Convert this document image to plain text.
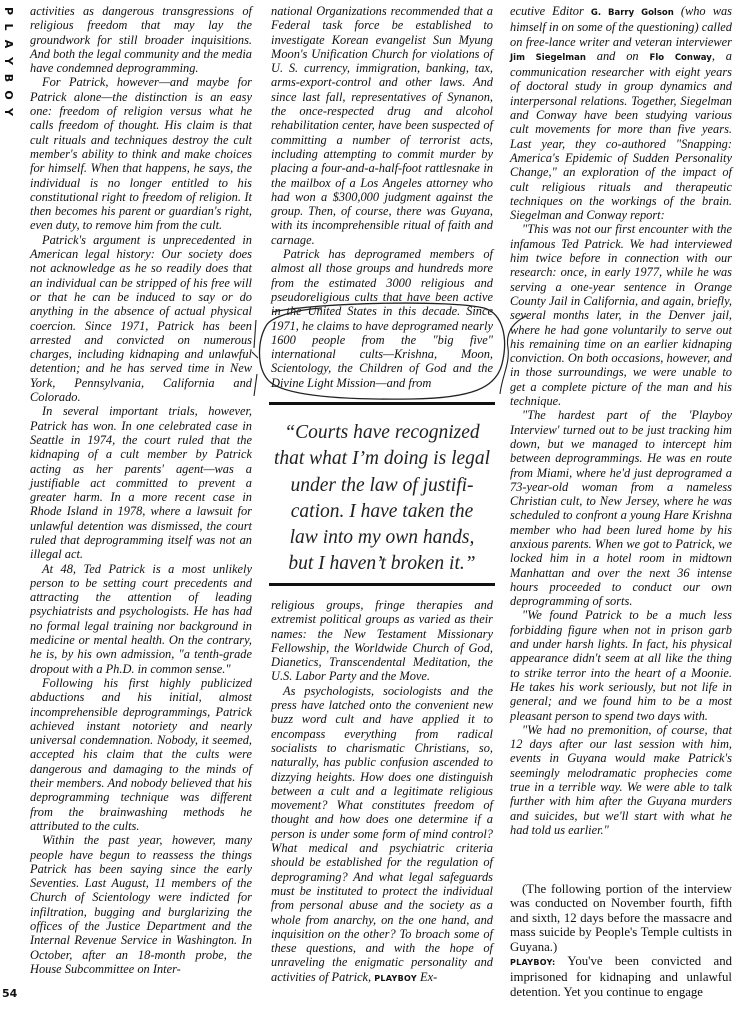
P
L
A
Y
B
O
Y

activities as dangerous transgressions of religious freedom that may lay the groundwork for still broader inquisitions. And both the legal community and the media have condemned deprogramming.

For Patrick, however—and maybe for Patrick alone—the distinction is an easy one: freedom of religion versus what he calls freedom of thought. His claim is that cult rituals and techniques destroy the cult member's ability to think and make choices for himself. When that happens, he says, the individual is no longer entitled to his constitutional right to freedom of religion. It then becomes his parent or guardian's right, even duty, to remove him from the cult.

Patrick's argument is unprecedented in American legal history: Our society does not acknowledge as he so readily does that an individual can be stripped of his free will or that he can be induced to say or do anything in the absence of actual physical coercion. Since 1971, Patrick has been arrested and convicted on numerous charges, including kidnaping and unlawful detention; and he has served time in New York, Pennsylvania, California and Colorado.

In several important trials, however, Patrick has won. In one celebrated case in Seattle in 1974, the court ruled that the kidnaping of a cult member by Patrick acting as her parents' agent—was a justifiable act committed to prevent a greater harm. In a more recent case in Rhode Island in 1978, where a lawsuit for unlawful detention was dismissed, the court ruled that deprogramming itself was not an illegal act.

At 48, Ted Patrick is a most unlikely person to be setting court precedents and attracting the attention of leading psychiatrists and psychologists. He has had no formal legal training nor background in medicine or mental health. On the contrary, he is, by his own admission, "a tenth-grade dropout with a Ph.D. in common sense."

Following his first highly publicized abductions and his initial, almost incomprehensible deprogrammings, Patrick achieved instant notoriety and nearly universal condemnation. Nobody, it seemed, accepted his claim that the cults were dangerous and damaging to the minds of their members. And nobody believed that his deprogramming technique was different from the brainwashing methods he attributed to the cults.

Within the past year, however, many people have begun to reassess the things Patrick has been saying since the early Seventies. Last August, 11 members of the Church of Scientology were indicted for infiltration, bugging and burglarizing the offices of the Justice Department and the Internal Revenue Service in Washington. In October, after an 18-month probe, the House Subcommittee on Inter-

national Organizations recommended that a Federal task force be established to investigate Korean evangelist Sun Myung Moon's Unification Church for violations of U. S. currency, immigration, banking, tax, arms-export-control and other laws. And since last fall, representatives of Synanon, the once-respected drug and alcohol rehabilitation center, have been suspected of committing a number of terrorist acts, including attempting to commit murder by placing a four-and-a-half-foot rattlesnake in the mailbox of a Los Angeles attorney who had won a $300,000 judgment against the group. Then, of course, there was Guyana, with its incomprehensible ritual of faith and carnage.

Patrick has deprogramed members of almost all those groups and hundreds more from the estimated 3000 religious and pseudoreligious cults that have been active in the United States in this decade. Since 1971, he claims to have deprogramed nearly 1600 people from the "big five" international cults—Krishna, Moon, Scientology, the Children of God and the Divine Light Mission—and from

“Courts have recognized
that what I’m doing is legal
under the law of justifi-
cation. I have taken the
law into my own hands,
but I haven’t broken it.”

religious groups, fringe therapies and extremist political groups as varied as their names: the New Testament Missionary Fellowship, the Worldwide Church of God, Dianetics, Transcendental Meditation, the U.S. Labor Party and the Move.

As psychologists, sociologists and the press have latched onto the convenient new buzz word cult and have applied it to encompass everything from radical socialists to charismatic Christians, so, naturally, has public confusion ascended to dizzying heights. How does one distinguish between a cult and a legitimate religious movement? What constitutes freedom of thought and how does one determine if a person is under some form of mind control? What medical and psychiatric criteria should be established for the regulation of deprograming? And what legal safeguards must be instituted to protect the individual from personal abuse and the society as a whole from anarchy, on the one hand, and inquisition on the other? To broach some of these questions, and with the hope of unraveling the enigmatic personality and activities of Patrick, PLAYBOY Ex-

ecutive Editor G. Barry Golson (who was himself in on some of the questioning) called on free-lance writer and veteran interviewer Jim Siegelman and on Flo Conway, a communication researcher with eight years of doctoral study in group dynamics and interpersonal relations. Together, Siegelman and Conway have been studying various cult movements for more than five years. Last year, they co-authored "Snapping: America's Epidemic of Sudden Personality Change," an exploration of the impact of cult religious rituals and therapeutic techniques on the workings of the brain. Siegelman and Conway report:

"This was not our first encounter with the infamous Ted Patrick. We had interviewed him twice before in connection with our research: once, in early 1977, while he was serving a one-year sentence in Orange County Jail in California, and again, briefly, several months later, in the Denver jail, where he had gone voluntarily to serve out his remaining time on an earlier kidnaping conviction. On both occasions, however, and in those surroundings, we were unable to get a complete picture of the man and his technique.

"The hardest part of the 'Playboy Interview' turned out to be just tracking him down, but we managed to intercept him between deprogrammings. He was en route from Miami, where he'd just deprogramed a 73-year-old woman from a nameless Christian cult, to New Jersey, where he was scheduled to confront a young Hare Krishna member who had been lured home by his anxious parents. When we got to Patrick, we locked him in a hotel room in midtown Manhattan and over the next 36 intense hours proceeded to conduct our own deprogramming of sorts.

"We found Patrick to be a much less forbidding figure when not in prison garb and under harsh lights. In fact, his physical appearance didn't seem at all like the thing to strike terror into the heart of a Moonie. He takes his work seriously, but not life in general; and we found him to be a most pleasant person to spend two days with.

"We had no premonition, of course, that 12 days after our last session with him, events in Guyana would make Patrick's seemingly melodramatic prophecies come true in a terrible way. We were able to talk further with him after the Guyana murders and suicides, but we'll start with what he had told us earlier."

(The following portion of the interview was conducted on November fourth, fifth and sixth, 12 days before the massacre and mass suicide by People's Temple cultists in Guyana.)

PLAYBOY: You've been convicted and imprisoned for kidnaping and unlawful detention. Yet you continue to engage

54
